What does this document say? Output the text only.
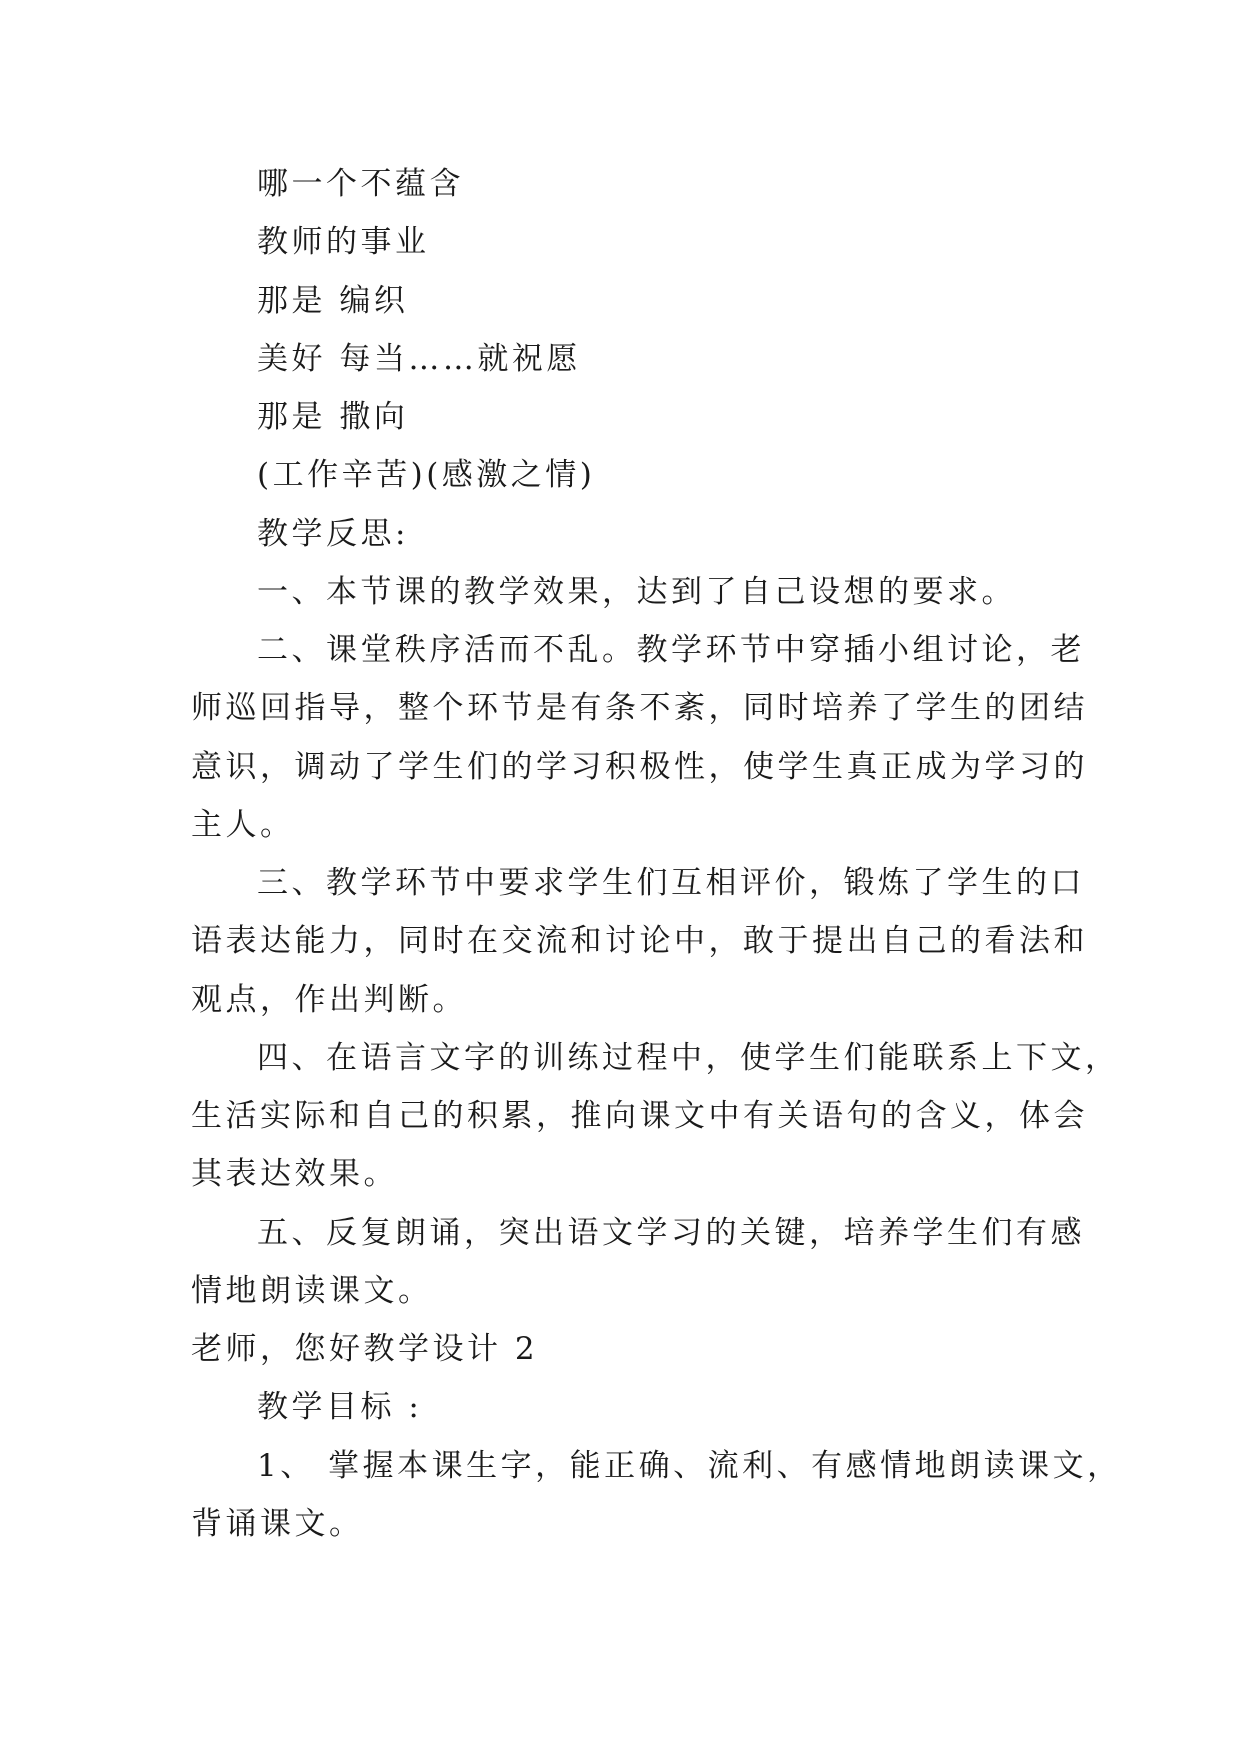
哪一个不蕴含
教师的事业
那是 编织
美好 每当……就祝愿
那是 撒向
(工作辛苦)(感激之情)
教学反思:
一、本节课的教学效果，达到了自己设想的要求。
二、课堂秩序活而不乱。教学环节中穿插小组讨论，老
师巡回指导，整个环节是有条不紊，同时培养了学生的团结
意识，调动了学生们的学习积极性，使学生真正成为学习的
主人。
三、教学环节中要求学生们互相评价，锻炼了学生的口
语表达能力，同时在交流和讨论中，敢于提出自己的看法和
观点，作出判断。
四、在语言文字的训练过程中，使学生们能联系上下文，
生活实际和自己的积累，推向课文中有关语句的含义，体会
其表达效果。
五、反复朗诵，突出语文学习的关键，培养学生们有感
情地朗读课文。
老师，您好教学设计 2
教学目标 :
1、 掌握本课生字，能正确、流利、有感情地朗读课文，
背诵课文。
